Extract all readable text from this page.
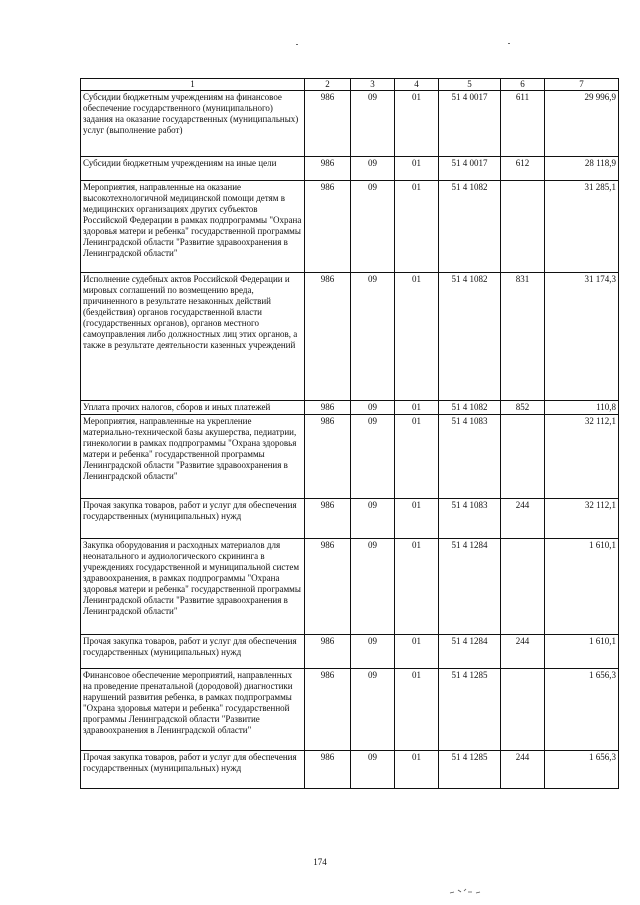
1	2	3	4	5	6	7
Субсидии бюджетным учреждениям на финансовое обеспечение государственного (муниципального) задания на оказание государственных (муниципальных) услуг (выполнение работ)	986	09	01	51 4 0017	611	29 996,9
Субсидии бюджетным учреждениям на иные цели	986	09	01	51 4 0017	612	28 118,9
Мероприятия, направленные на оказание высокотехнологичной медицинской помощи детям в медицинских организациях других субъектов Российской Федерации в рамках подпрограммы "Охрана здоровья матери и ребенка" государственной программы Ленинградской области "Развитие здравоохранения в Ленинградской области"	986	09	01	51 4 1082		31 285,1
Исполнение судебных актов Российской Федерации и мировых соглашений по возмещению вреда, причиненного в результате незаконных действий (бездействия) органов государственной власти (государственных органов), органов местного самоуправления либо должностных лиц этих органов, а также в результате деятельности казенных учреждений	986	09	01	51 4 1082	831	31 174,3
Уплата прочих налогов, сборов и иных платежей	986	09	01	51 4 1082	852	110,8
Мероприятия, направленные на укрепление материально-технической базы акушерства, педиатрии, гинекологии в рамках подпрограммы "Охрана здоровья матери и ребенка" государственной программы Ленинградской области "Развитие здравоохранения в Ленинградской области"	986	09	01	51 4 1083		32 112,1
Прочая закупка товаров, работ и услуг для обеспечения государственных (муниципальных) нужд	986	09	01	51 4 1083	244	32 112,1
Закупка оборудования и расходных материалов для неонатального и аудиологического скрининга в учреждениях государственной и муниципальной систем здравоохранения, в рамках подпрограммы "Охрана здоровья матери и ребенка" государственной программы Ленинградской области "Развитие здравоохранения в Ленинградской области"	986	09	01	51 4 1284		1 610,1
Прочая закупка товаров, работ и услуг для обеспечения государственных (муниципальных) нужд	986	09	01	51 4 1284	244	1 610,1
Финансовое обеспечение мероприятий, направленных на проведение пренатальной (дородовой) диагностики нарушений развития ребенка, в рамках подпрограммы "Охрана здоровья матери и ребенка" государственной программы Ленинградской области "Развитие здравоохранения в Ленинградской области"	986	09	01	51 4 1285		1 656,3
Прочая закупка товаров, работ и услуг для обеспечения государственных (муниципальных) нужд	986	09	01	51 4 1285	244	1 656,3
174
